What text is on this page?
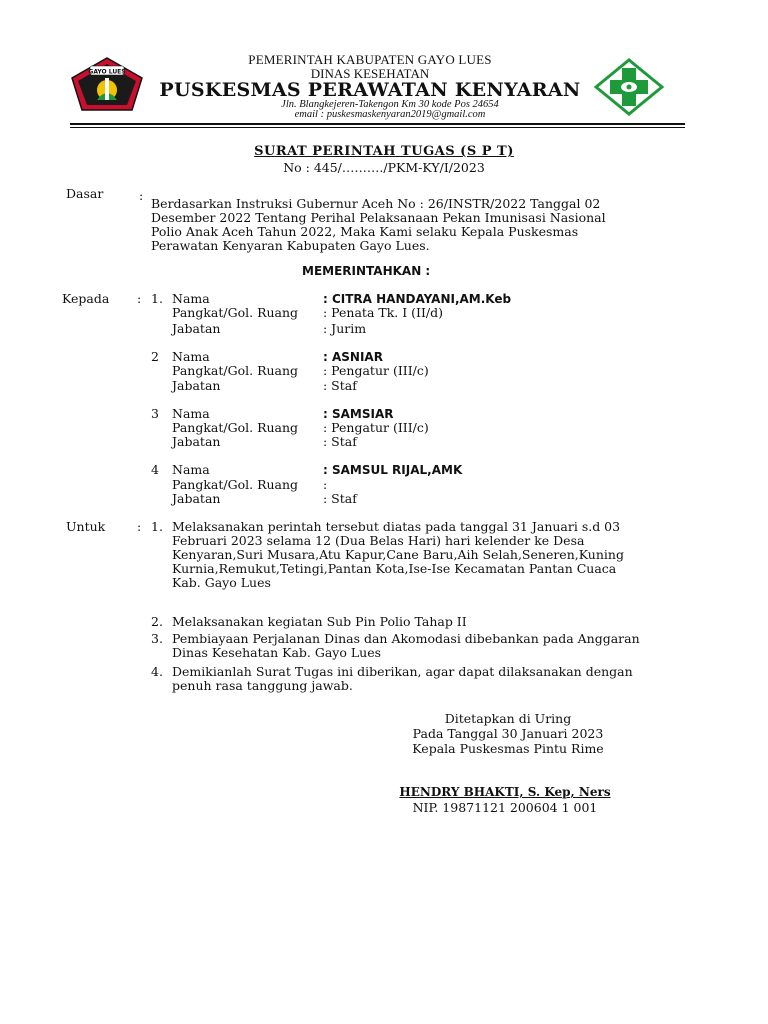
GAYO LUES
PEMERINTAH KABUPATEN GAYO LUES
DINAS KESEHATAN
PUSKESMAS PERAWATAN KENYARAN
Jln. Blangkejeren-Takengon Km 30 kode Pos 24654
email : puskesmaskenyaran2019@gmail.com
SURAT PERINTAH TUGAS (S P T)
No : 445/………./PKM-KY/I/2023
Dasar	:
Berdasarkan Instruksi Gubernur Aceh No : 26/INSTR/2022 Tanggal 02
Desember 2022 Tentang Perihal Pelaksanaan Pekan Imunisasi Nasional
Polio Anak Aceh Tahun 2022, Maka Kami selaku Kepala Puskesmas
Perawatan Kenyaran Kabupaten Gayo Lues.
MEMERINTAHKAN :
Kepada : 1. Nama	: CITRA HANDAYANI,AM.Keb
Pangkat/Gol. Ruang : Penata Tk. I (II/d)
Jabatan	: Jurim
2 Nama	: ASNIAR
Pangkat/Gol. Ruang : Pengatur (III/c)
Jabatan	: Staf
3 Nama	: SAMSIAR
Pangkat/Gol. Ruang : Pengatur (III/c)
Jabatan	: Staf
4 Nama	: SAMSUL RIJAL,AMK
Pangkat/Gol. Ruang :
Jabatan	: Staf
Untuk	: 1. Melaksanakan perintah tersebut diatas pada tanggal 31 Januari s.d 03
Februari 2023 selama 12 (Dua Belas Hari) hari kelender ke Desa
Kenyaran,Suri Musara,Atu Kapur,Cane Baru,Aih Selah,Seneren,Kuning
Kurnia,Remukut,Tetingi,Pantan Kota,Ise-Ise Kecamatan Pantan Cuaca
Kab. Gayo Lues
2. Melaksanakan kegiatan Sub Pin Polio Tahap II
3. Pembiayaan Perjalanan Dinas dan Akomodasi dibebankan pada Anggaran
Dinas Kesehatan Kab. Gayo Lues
4. Demikianlah Surat Tugas ini diberikan, agar dapat dilaksanakan dengan
penuh rasa tanggung jawab.
Ditetapkan di Uring
Pada Tanggal 30 Januari 2023
Kepala Puskesmas Pintu Rime
HENDRY BHAKTI, S. Kep, Ners
NIP. 19871121 200604 1 001
